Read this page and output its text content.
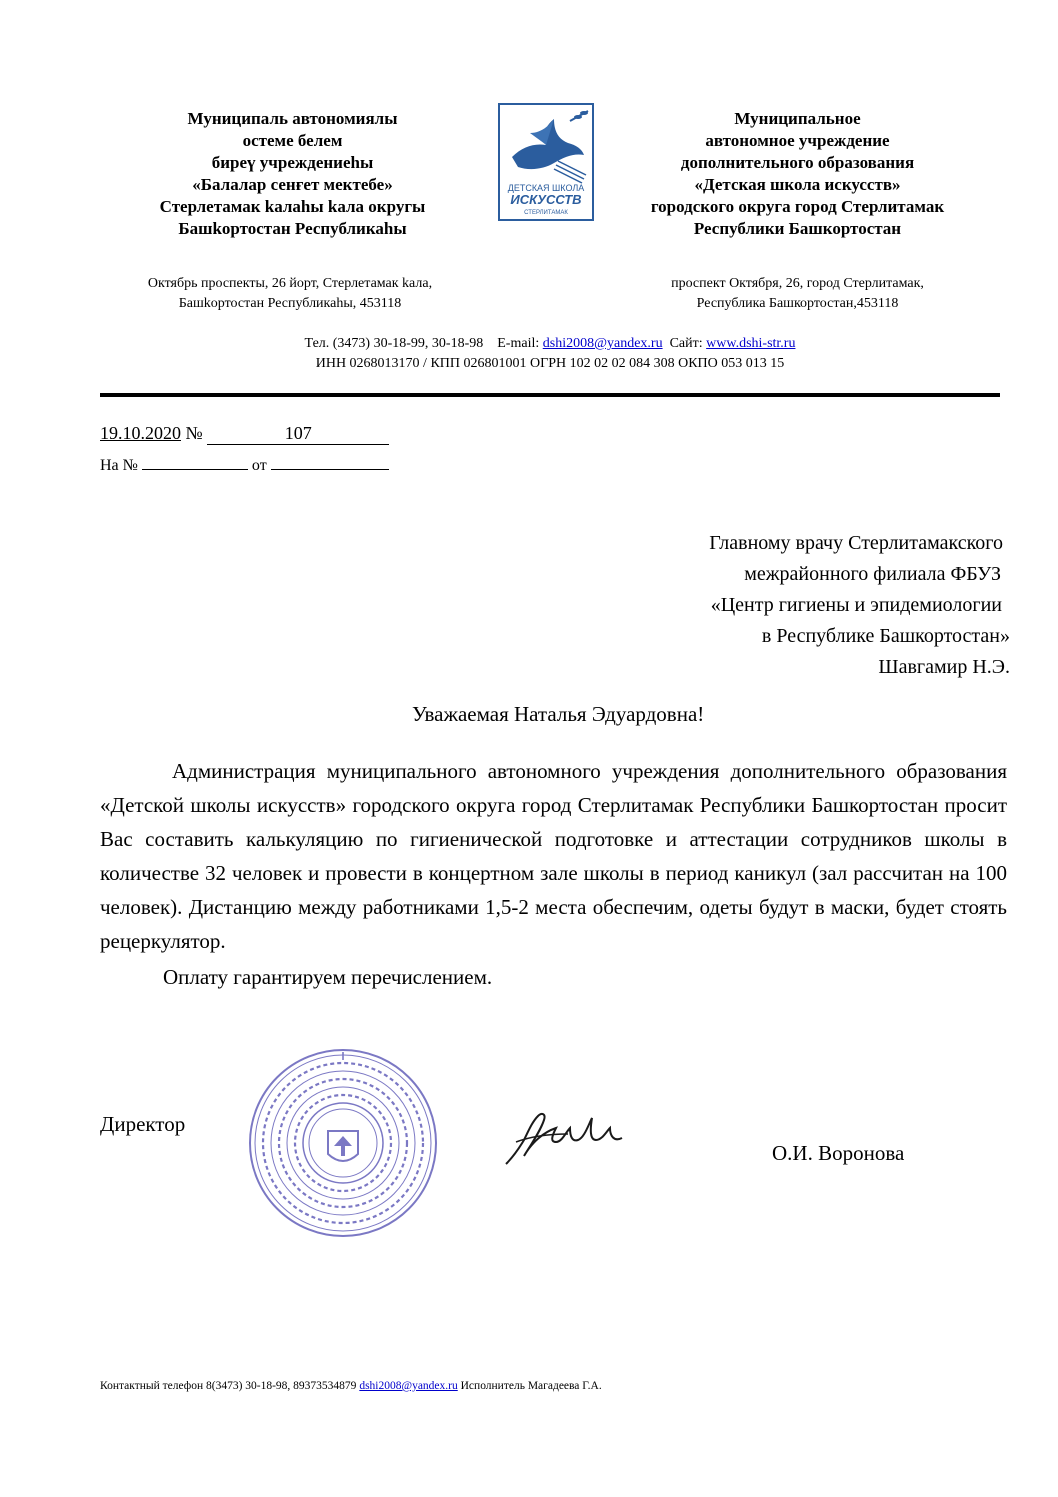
Муниципаль автономиялы
остеме белем
бирeү учреждениеhы
«Балалар сенғет мектебе»
Стерлетамак kалаhы kала округы
Башkортостан Республикаhы
ДЕТСКАЯ ШКОЛА
ИСКУССТВ
СТЕРЛИТАМАК
Муниципальное
автономное учреждение
дополнительного образования
«Детская школа искусств»
городского округа город Стерлитамак
Республики Башкортостан
Октябрь проспекты, 26 йорт, Стерлетамак kала,
Башkортостан Республикаhы, 453118
проспект Октября, 26, город Стерлитамак,
Республика Башкортостан,453118
Тел. (3473) 30-18-99, 30-18-98 E-mail: dshi2008@yandex.ru Сайт: www.dshi-str.ru
ИНН 0268013170 / КПП 026801001 ОГРН 102 02 02 084 308 ОКПО 053 013 15
19.10.2020 №	107
На №	от
Главному врачу Стерлитамакского
межрайонного филиала ФБУЗ
«Центр гигиены и эпидемиологии
в Республике Башкортостан»
Шавгамир Н.Э.
Уважаемая Наталья Эдуардовна!

Администрация муниципального автономного учреждения дополнительного образования «Детской школы искусств» городского округа город Стерлитамак Республики Башкортостан просит Вас составить калькуляцию по гигиенической подготовке и аттестации сотрудников школы в количестве 32 человек и провести в концертном зале школы в период каникул (зал рассчитан на 100 человек). Дистанцию между работниками 1,5-2 места обеспечим, одеты будут в маски, будет стоять рецеркулятор.

Оплату гарантируем перечислением.

Директор
О.И. Воронова
Контактный телефон 8(3473) 30-18-98, 89373534879 dshi2008@yandex.ru Исполнитель Магадеева Г.А.
